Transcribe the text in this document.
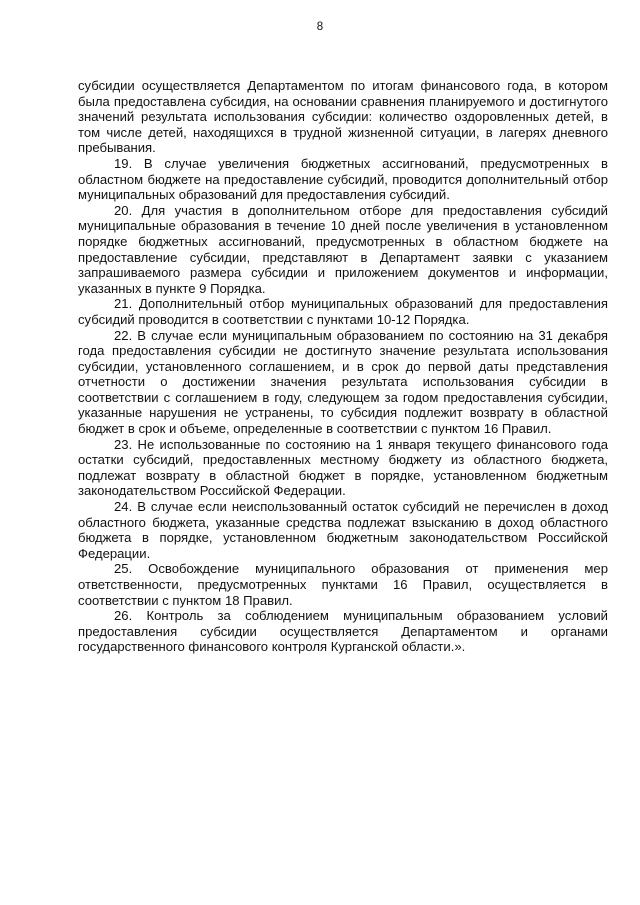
8

субсидии осуществляется Департаментом по итогам финансового года, в котором была предоставлена субсидия, на основании сравнения планируемого и достигнутого значений результата использования субсидии: количество оздоровленных детей, в том числе детей, находящихся в трудной жизненной ситуации, в лагерях дневного пребывания.

19. В случае увеличения бюджетных ассигнований, предусмотренных в областном бюджете на предоставление субсидий, проводится дополнительный отбор муниципальных образований для предоставления субсидий.

20. Для участия в дополнительном отборе для предоставления субсидий муниципальные образования в течение 10 дней после увеличения в установленном порядке бюджетных ассигнований, предусмотренных в областном бюджете на предоставление субсидии, представляют в Департамент заявки с указанием запрашиваемого размера субсидии и приложением документов и информации, указанных в пункте 9 Порядка.

21. Дополнительный отбор муниципальных образований для предоставления субсидий проводится в соответствии с пунктами 10-12 Порядка.

22. В случае если муниципальным образованием по состоянию на 31 декабря года предоставления субсидии не достигнуто значение результата использования субсидии, установленного соглашением, и в срок до первой даты представления отчетности о достижении значения результата использования субсидии в соответствии с соглашением в году, следующем за годом предоставления субсидии, указанные нарушения не устранены, то субсидия подлежит возврату в областной бюджет в срок и объеме, определенные в соответствии с пунктом 16 Правил.

23. Не использованные по состоянию на 1 января текущего финансового года остатки субсидий, предоставленных местному бюджету из областного бюджета, подлежат возврату в областной бюджет в порядке, установленном бюджетным законодательством Российской Федерации.

24. В случае если неиспользованный остаток субсидий не перечислен в доход областного бюджета, указанные средства подлежат взысканию в доход областного бюджета в порядке, установленном бюджетным законодательством Российской Федерации.

25. Освобождение муниципального образования от применения мер ответственности, предусмотренных пунктами 16 Правил, осуществляется в соответствии с пунктом 18 Правил.

26. Контроль за соблюдением муниципальным образованием условий предоставления субсидии осуществляется Департаментом и органами государственного финансового контроля Курганской области.».
